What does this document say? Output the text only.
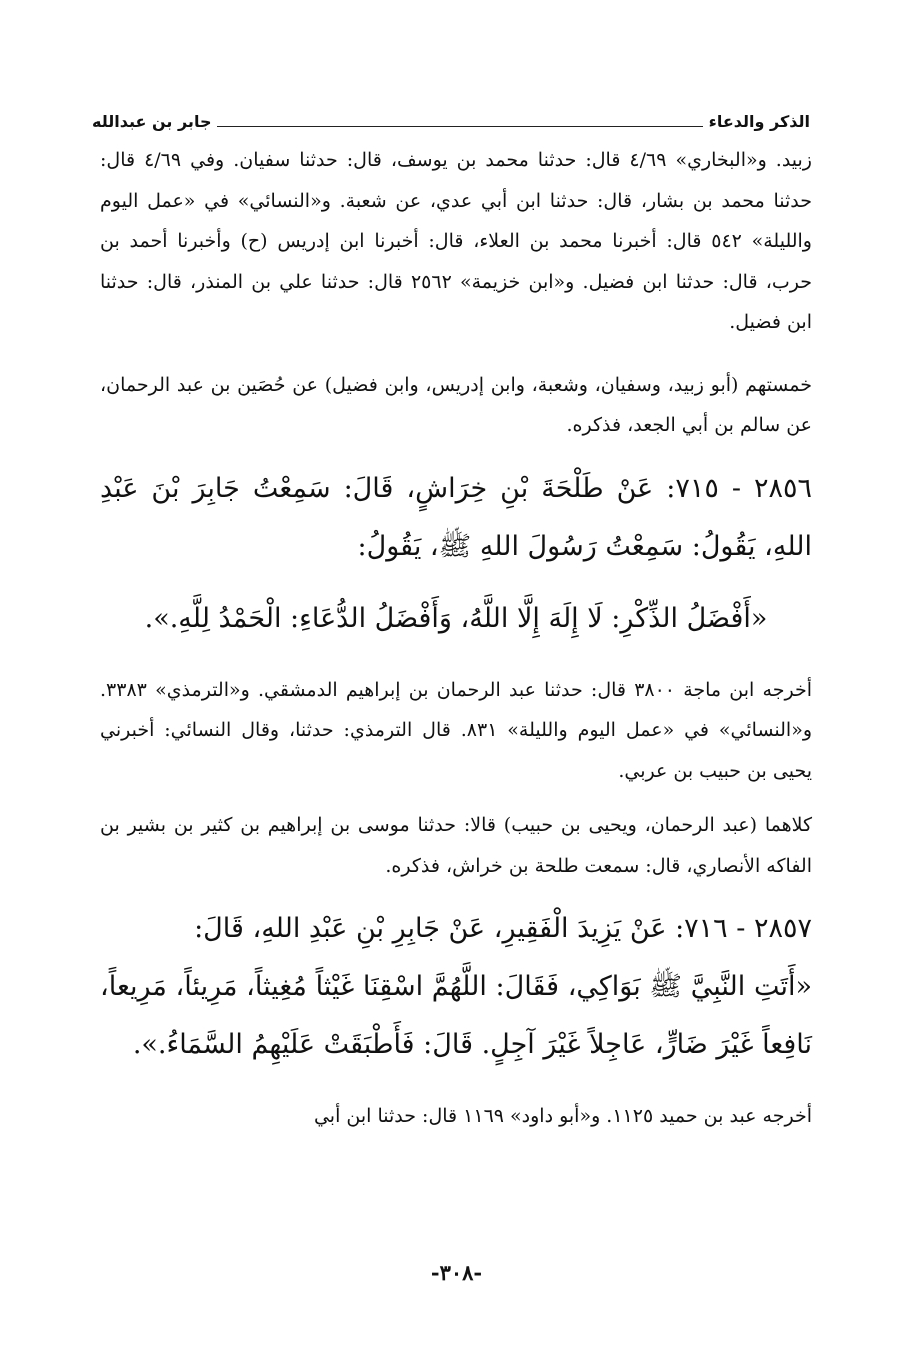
الذكر والدعاء
جابر بن عبدالله

زبيد. و«البخاري» ٤/٦٩ قال: حدثنا محمد بن يوسف، قال: حدثنا سفيان. وفي ٤/٦٩ قال: حدثنا محمد بن بشار، قال: حدثنا ابن أبي عدي، عن شعبة. و«النسائي» في «عمل اليوم والليلة» ٥٤٢ قال: أخبرنا محمد بن العلاء، قال: أخبرنا ابن إدريس (ح) وأخبرنا أحمد بن حرب، قال: حدثنا ابن فضيل. و«ابن خزيمة» ٢٥٦٢ قال: حدثنا علي بن المنذر، قال: حدثنا ابن فضيل.

خمستهم (أبو زبيد، وسفيان، وشعبة، وابن إدريس، وابن فضيل) عن حُصَين بن عبد الرحمان، عن سالم بن أبي الجعد، فذكره.

٢٨٥٦ - ٧١٥: عَنْ طَلْحَةَ بْنِ خِرَاشٍ، قَالَ: سَمِعْتُ جَابِرَ بْنَ عَبْدِ اللهِ، يَقُولُ: سَمِعْتُ رَسُولَ اللهِ ﷺ، يَقُولُ:

«أَفْضَلُ الذِّكْرِ: لَا إِلَهَ إِلَّا اللَّهُ، وَأَفْضَلُ الدُّعَاءِ: الْحَمْدُ لِلَّهِ.».

أخرجه ابن ماجة ٣٨٠٠ قال: حدثنا عبد الرحمان بن إبراهيم الدمشقي. و«الترمذي» ٣٣٨٣. و«النسائي» في «عمل اليوم والليلة» ٨٣١. قال الترمذي: حدثنا، وقال النسائي: أخبرني يحيى بن حبيب بن عربي.

كلاهما (عبد الرحمان، ويحيى بن حبيب) قالا: حدثنا موسى بن إبراهيم بن كثير بن بشير بن الفاكه الأنصاري، قال: سمعت طلحة بن خراش، فذكره.

٢٨٥٧ - ٧١٦: عَنْ يَزِيدَ الْفَقِيرِ، عَنْ جَابِرِ بْنِ عَبْدِ اللهِ، قَالَ:

«أَتَتِ النَّبِيَّ ﷺ بَوَاكِي، فَقَالَ: اللَّهُمَّ اسْقِنَا غَيْثاً مُغِيثاً، مَرِيئاً، مَرِيعاً، نَافِعاً غَيْرَ ضَارٍّ، عَاجِلاً غَيْرَ آجِلٍ. قَالَ: فَأَطْبَقَتْ عَلَيْهِمُ السَّمَاءُ.».

أخرجه عبد بن حميد ١١٢٥. و«أبو داود» ١١٦٩ قال: حدثنا ابن أبي

-٣٠٨-
